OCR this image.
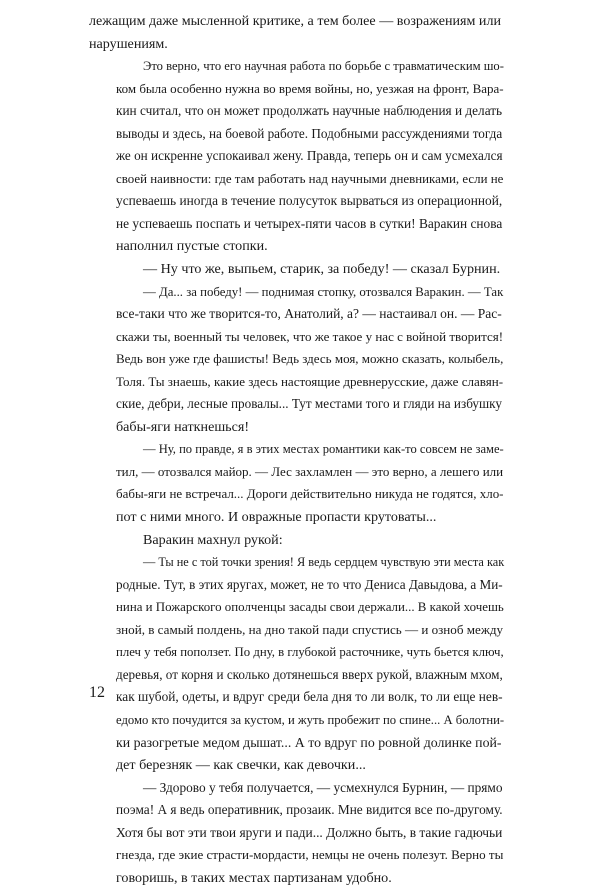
лежащим даже мысленной критике, а тем более — возражениям или
нарушениям.

Это верно, что его научная работа по борьбе с травматическим шо-
ком была особенно нужна во время войны, но, уезжая на фронт, Вара-
кин считал, что он может продолжать научные наблюдения и делать
выводы и здесь, на боевой работе. Подобными рассуждениями тогда
же он искренне успокаивал жену. Правда, теперь он и сам усмехался
своей наивности: где там работать над научными дневниками, если не
успеваешь иногда в течение полусуток вырваться из операционной,
не успеваешь поспать и четырех-пяти часов в сутки! Варакин снова
наполнил пустые стопки.

— Ну что же, выпьем, старик, за победу! — сказал Бурнин.

— Да... за победу! — поднимая стопку, отозвался Варакин. — Так
все-таки что же творится-то, Анатолий, а? — настаивал он. — Рас-
скажи ты, военный ты человек, что же такое у нас с войной творится!
Ведь вон уже где фашисты! Ведь здесь моя, можно сказать, колыбель,
Толя. Ты знаешь, какие здесь настоящие древнерусские, даже славян-
ские, дебри, лесные провалы... Тут местами того и гляди на избушку
бабы-яги наткнешься!

— Ну, по правде, я в этих местах романтики как-то совсем не заме-
тил, — отозвался майор. — Лес захламлен — это верно, а лешего или
бабы-яги не встречал... Дороги действительно никуда не годятся, хло-
пот с ними много. И овражные пропасти крутоваты...

Варакин махнул рукой:

— Ты не с той точки зрения! Я ведь сердцем чувствую эти места как
родные. Тут, в этих яругах, может, не то что Дениса Давыдова, а Ми-
нина и Пожарского ополченцы засады свои держали... В какой хочешь
зной, в самый полдень, на дно такой пади спустись — и озноб между
плеч у тебя поползет. По дну, в глубокой расточнике, чуть бьется ключ,
деревья, от корня и сколько дотянешься вверх рукой, влажным мхом,
как шубой, одеты, и вдруг среди бела дня то ли волк, то ли еще нев-
едомо кто почудится за кустом, и жуть пробежит по спине... А болотни-
ки разогретые медом дышат... А то вдруг по ровной долинке пой-
дет березняк — как свечки, как девочки...

— Здорово у тебя получается, — усмехнулся Бурнин, — прямо
поэма! А я ведь оперативник, прозаик. Мне видится все по-другому.
Хотя бы вот эти твои яруги и пади... Должно быть, в такие гадючьи
гнезда, где экие страсти-мордасти, немцы не очень полезут. Верно ты
говоришь, в таких местах партизанам удобно.

12
